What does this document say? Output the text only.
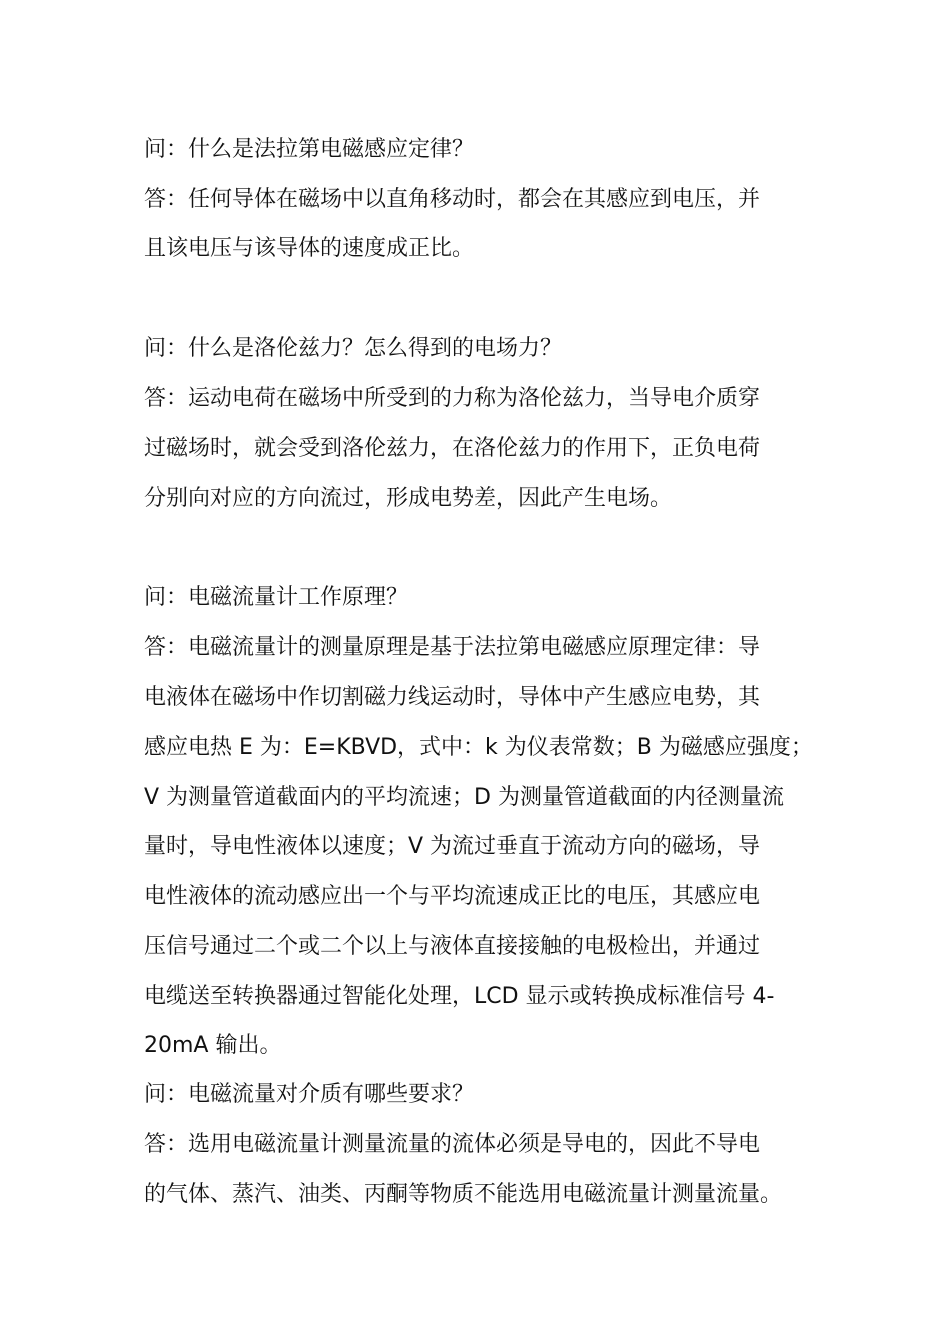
问：什么是法拉第电磁感应定律？
答：任何导体在磁场中以直角移动时，都会在其感应到电压，并
且该电压与该导体的速度成正比。
问：什么是洛伦兹力？怎么得到的电场力？
答：运动电荷在磁场中所受到的力称为洛伦兹力，当导电介质穿
过磁场时，就会受到洛伦兹力，在洛伦兹力的作用下，正负电荷
分别向对应的方向流过，形成电势差，因此产生电场。
问：电磁流量计工作原理？
答：电磁流量计的测量原理是基于法拉第电磁感应原理定律：导
电液体在磁场中作切割磁力线运动时，导体中产生感应电势，其
感应电热 E 为：E=KBVD，式中：k 为仪表常数；B 为磁感应强度；
V 为测量管道截面内的平均流速；D 为测量管道截面的内径测量流
量时，导电性液体以速度；V 为流过垂直于流动方向的磁场，导
电性液体的流动感应出一个与平均流速成正比的电压，其感应电
压信号通过二个或二个以上与液体直接接触的电极检出，并通过
电缆送至转换器通过智能化处理，LCD 显示或转换成标准信号 4-
20mA 输出。
问：电磁流量对介质有哪些要求？
答：选用电磁流量计测量流量的流体必须是导电的，因此不导电
的气体、蒸汽、油类、丙酮等物质不能选用电磁流量计测量流量。
